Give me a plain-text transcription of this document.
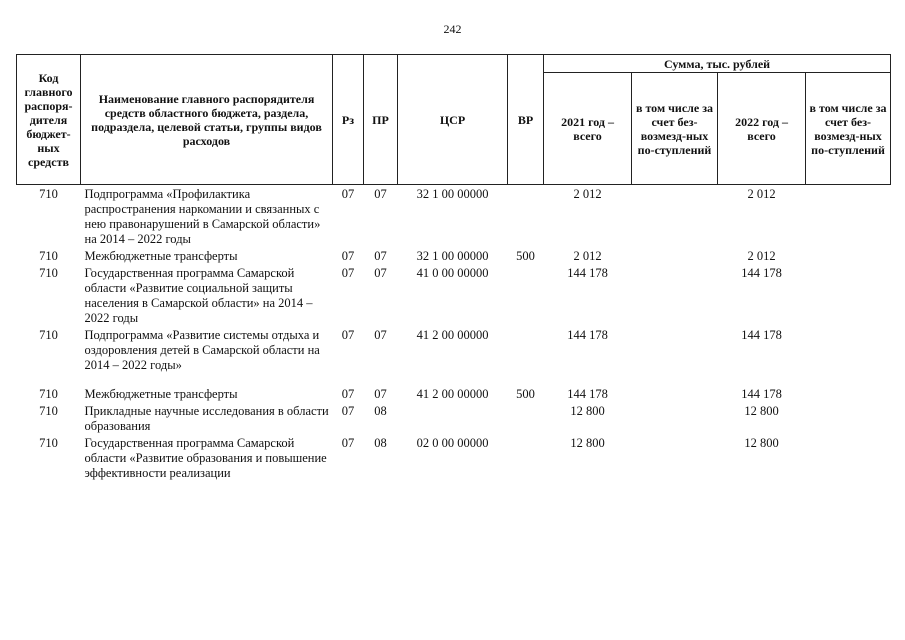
242
Код главного распоря-дителя бюджет-ных средств	Наименование главного распорядителя средств областного бюджета, раздела, подраздела, целевой статьи, группы видов расходов	Рз	ПР	ЦСР	ВР	Сумма, тыс. рублей			
						2021 год – всего	в том числе за счет без-возмезд-ных по-ступлений	2022 год – всего	в том числе за счет без-возмезд-ных по-ступлений
710	Подпрограмма «Профилактика распространения наркомании и связанных с нею правонарушений в Самарской области» на 2014 – 2022 годы	07	07	32 1 00 00000		2 012		2 012	
710	Межбюджетные трансферты	07	07	32 1 00 00000	500	2 012		2 012	
710	Государственная программа Самарской области «Развитие социальной защиты населения в Самарской области» на 2014 – 2022 годы	07	07	41 0 00 00000		144 178		144 178	
710	Подпрограмма «Развитие системы отдыха и оздоровления детей в Самарской области на 2014 – 2022 годы»	07	07	41 2 00 00000		144 178		144 178	
710	Межбюджетные трансферты	07	07	41 2 00 00000	500	144 178		144 178	
710	Прикладные научные исследования в области образования	07	08			12 800		12 800	
710	Государственная программа Самарской области «Развитие образования и повышение эффективности реализации	07	08	02 0 00 00000		12 800		12 800	
